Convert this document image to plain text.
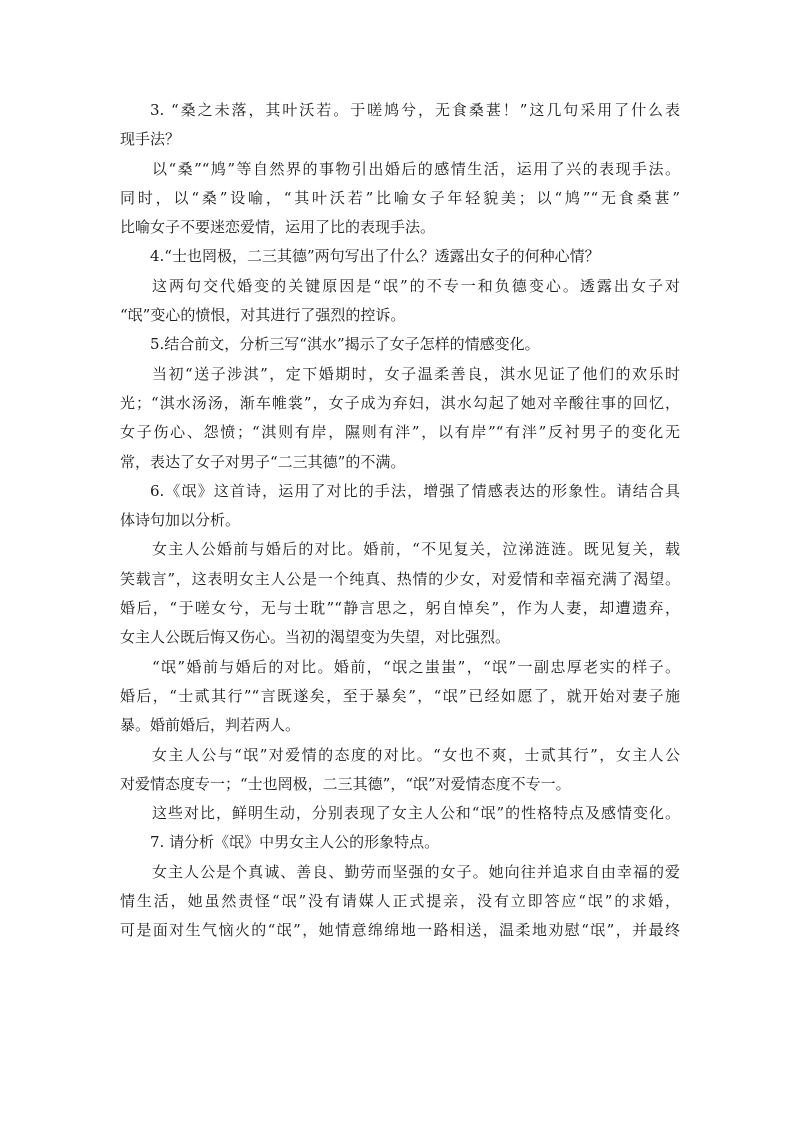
3. “桑之未落，其叶沃若。于嗟鸠兮，无食桑葚！”这几句采用了什么表
现手法？
以“桑”“鸠”等自然界的事物引出婚后的感情生活，运用了兴的表现手法。
同时，以“桑”设喻，“其叶沃若”比喻女子年轻貌美；以“鸠”“无食桑葚”
比喻女子不要迷恋爱情，运用了比的表现手法。
4.“士也罔极，二三其德”两句写出了什么？透露出女子的何种心情？
这两句交代婚变的关键原因是“氓”的不专一和负德变心。透露出女子对
“氓”变心的愤恨，对其进行了强烈的控诉。
5.结合前文，分析三写“淇水”揭示了女子怎样的情感变化。
当初“送子涉淇”，定下婚期时，女子温柔善良，淇水见证了他们的欢乐时
光；“淇水汤汤，渐车帷裳”，女子成为弃妇，淇水勾起了她对辛酸往事的回忆，
女子伤心、怨愤；“淇则有岸，隰则有泮”，以有岸”“有泮”反衬男子的变化无
常，表达了女子对男子“二三其德”的不满。
6.《氓》这首诗，运用了对比的手法，增强了情感表达的形象性。请结合具
体诗句加以分析。
女主人公婚前与婚后的对比。婚前，“不见复关，泣涕涟涟。既见复关，载
笑载言”，这表明女主人公是一个纯真、热情的少女，对爱情和幸福充满了渴望。
婚后，“于嗟女兮，无与士耽”“静言思之，躬自悼矣”，作为人妻，却遭遗弃，
女主人公既后悔又伤心。当初的渴望变为失望，对比强烈。
“氓”婚前与婚后的对比。婚前，“氓之蚩蚩”，“氓”一副忠厚老实的样子。
婚后，“士贰其行”“言既遂矣，至于暴矣”，“氓”已经如愿了，就开始对妻子施
暴。婚前婚后，判若两人。
女主人公与“氓”对爱情的态度的对比。“女也不爽，士贰其行”，女主人公
对爱情态度专一；“士也罔极，二三其德”，“氓”对爱情态度不专一。
这些对比，鲜明生动，分别表现了女主人公和“氓”的性格特点及感情变化。
7. 请分析《氓》中男女主人公的形象特点。
女主人公是个真诚、善良、勤劳而坚强的女子。她向往并追求自由幸福的爱
情生活，她虽然责怪“氓”没有请媒人正式提亲，没有立即答应“氓”的求婚，
可是面对生气恼火的“氓”，她情意绵绵地一路相送，温柔地劝慰“氓”，并最终
